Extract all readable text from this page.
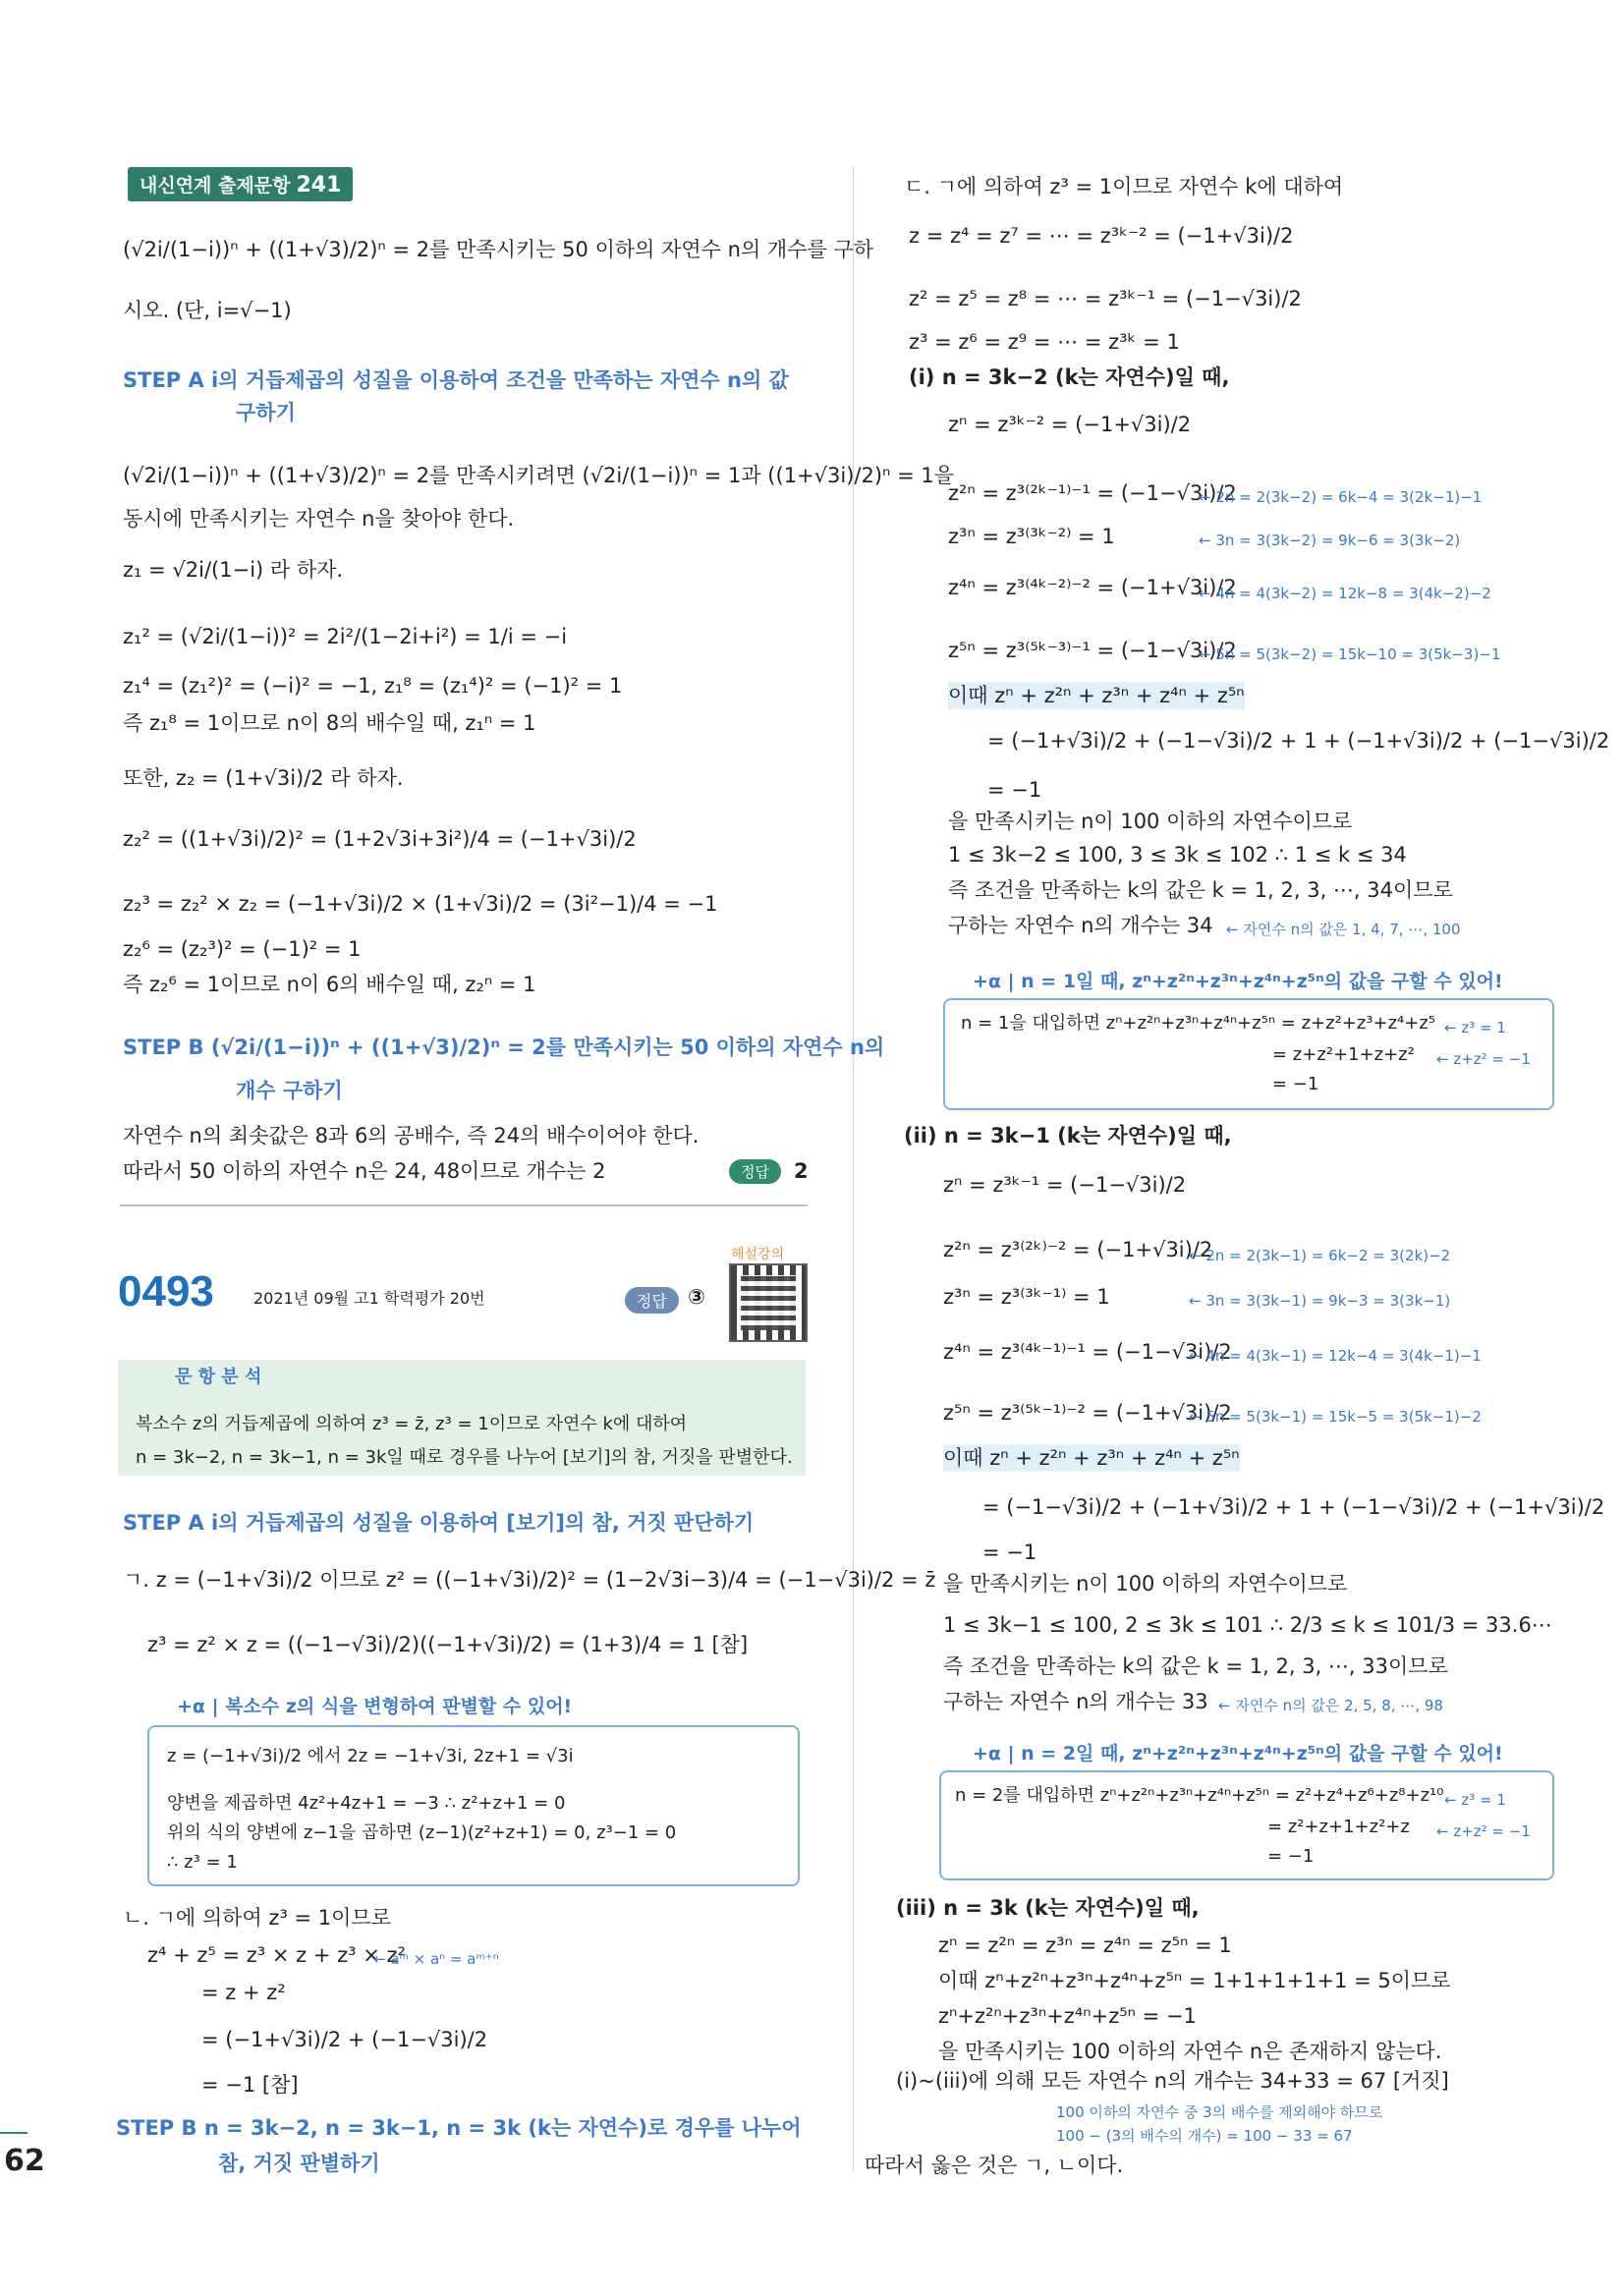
62
내신연계 출제문항 241
(√2i/(1−i))ⁿ + ((1+√3)/2)ⁿ = 2를 만족시키는 50 이하의 자연수 n의 개수를 구하
시오. (단, i=√−1)
STEP A i의 거듭제곱의 성질을 이용하여 조건을 만족하는 자연수 n의 값
구하기
(√2i/(1−i))ⁿ + ((1+√3)/2)ⁿ = 2를 만족시키려면 (√2i/(1−i))ⁿ = 1과 ((1+√3i)/2)ⁿ = 1을
동시에 만족시키는 자연수 n을 찾아야 한다.
z₁ = √2i/(1−i) 라 하자.
z₁² = (√2i/(1−i))² = 2i²/(1−2i+i²) = 1/i = −i
z₁⁴ = (z₁²)² = (−i)² = −1, z₁⁸ = (z₁⁴)² = (−1)² = 1
즉 z₁⁸ = 1이므로 n이 8의 배수일 때, z₁ⁿ = 1
또한, z₂ = (1+√3i)/2 라 하자.
z₂² = ((1+√3i)/2)² = (1+2√3i+3i²)/4 = (−1+√3i)/2
z₂³ = z₂² × z₂ = (−1+√3i)/2 × (1+√3i)/2 = (3i²−1)/4 = −1
z₂⁶ = (z₂³)² = (−1)² = 1
즉 z₂⁶ = 1이므로 n이 6의 배수일 때, z₂ⁿ = 1
STEP B (√2i/(1−i))ⁿ + ((1+√3)/2)ⁿ = 2를 만족시키는 50 이하의 자연수 n의
개수 구하기
자연수 n의 최솟값은 8과 6의 공배수, 즉 24의 배수이어야 한다.
따라서 50 이하의 자연수 n은 24, 48이므로 개수는 2	정답	2
0493	2021년 09월 고1 학력평가 20번	정답	③
해설강의
문 항 분 석
복소수 z의 거듭제곱에 의하여 z³ = z̄, z³ = 1이므로 자연수 k에 대하여
n = 3k−2, n = 3k−1, n = 3k일 때로 경우를 나누어 [보기]의 참, 거짓을 판별한다.
STEP A i의 거듭제곱의 성질을 이용하여 [보기]의 참, 거짓 판단하기
ㄱ. z = (−1+√3i)/2 이므로 z² = ((−1+√3i)/2)² = (1−2√3i−3)/4 = (−1−√3i)/2 = z̄
z³ = z² × z = ((−1−√3i)/2)((−1+√3i)/2) = (1+3)/4 = 1 [참]
+α | 복소수 z의 식을 변형하여 판별할 수 있어!
z = (−1+√3i)/2 에서 2z = −1+√3i, 2z+1 = √3i
양변을 제곱하면 4z²+4z+1 = −3 ∴ z²+z+1 = 0
위의 식의 양변에 z−1을 곱하면 (z−1)(z²+z+1) = 0, z³−1 = 0
∴ z³ = 1
ㄴ. ㄱ에 의하여 z³ = 1이므로
z⁴ + z⁵ = z³ × z + z³ × z²
← aᵐ × aⁿ = aᵐ⁺ⁿ
= z + z²
= (−1+√3i)/2 + (−1−√3i)/2
= −1 [참]
STEP B n = 3k−2, n = 3k−1, n = 3k (k는 자연수)로 경우를 나누어
참, 거짓 판별하기
ㄷ. ㄱ에 의하여 z³ = 1이므로 자연수 k에 대하여
z = z⁴ = z⁷ = ⋯ = z³ᵏ⁻² = (−1+√3i)/2
z² = z⁵ = z⁸ = ⋯ = z³ᵏ⁻¹ = (−1−√3i)/2
z³ = z⁶ = z⁹ = ⋯ = z³ᵏ = 1
(i) n = 3k−2 (k는 자연수)일 때,
zⁿ = z³ᵏ⁻² = (−1+√3i)/2
z²ⁿ = z³⁽²ᵏ⁻¹⁾⁻¹ = (−1−√3i)/2
← 2n = 2(3k−2) = 6k−4 = 3(2k−1)−1
z³ⁿ = z³⁽³ᵏ⁻²⁾ = 1	← 3n = 3(3k−2) = 9k−6 = 3(3k−2)
z⁴ⁿ = z³⁽⁴ᵏ⁻²⁾⁻² = (−1+√3i)/2
← 4n = 4(3k−2) = 12k−8 = 3(4k−2)−2
z⁵ⁿ = z³⁽⁵ᵏ⁻³⁾⁻¹ = (−1−√3i)/2
← 5n = 5(3k−2) = 15k−10 = 3(5k−3)−1
이때 zⁿ + z²ⁿ + z³ⁿ + z⁴ⁿ + z⁵ⁿ
= (−1+√3i)/2 + (−1−√3i)/2 + 1 + (−1+√3i)/2 + (−1−√3i)/2
= −1
을 만족시키는 n이 100 이하의 자연수이므로
1 ≤ 3k−2 ≤ 100, 3 ≤ 3k ≤ 102 ∴ 1 ≤ k ≤ 34
즉 조건을 만족하는 k의 값은 k = 1, 2, 3, ⋯, 34이므로
구하는 자연수 n의 개수는 34 ← 자연수 n의 값은 1, 4, 7, ⋯, 100
+α | n = 1일 때, zⁿ+z²ⁿ+z³ⁿ+z⁴ⁿ+z⁵ⁿ의 값을 구할 수 있어!
n = 1을 대입하면 zⁿ+z²ⁿ+z³ⁿ+z⁴ⁿ+z⁵ⁿ = z+z²+z³+z⁴+z⁵ ← z³ = 1
= z+z²+1+z+z² ← z+z² = −1
= −1
(ii) n = 3k−1 (k는 자연수)일 때,
zⁿ = z³ᵏ⁻¹ = (−1−√3i)/2
z²ⁿ = z³⁽²ᵏ⁾⁻² = (−1+√3i)/2
← 2n = 2(3k−1) = 6k−2 = 3(2k)−2
z³ⁿ = z³⁽³ᵏ⁻¹⁾ = 1	← 3n = 3(3k−1) = 9k−3 = 3(3k−1)
z⁴ⁿ = z³⁽⁴ᵏ⁻¹⁾⁻¹ = (−1−√3i)/2
← 4n = 4(3k−1) = 12k−4 = 3(4k−1)−1
z⁵ⁿ = z³⁽⁵ᵏ⁻¹⁾⁻² = (−1+√3i)/2
← 5n = 5(3k−1) = 15k−5 = 3(5k−1)−2
이때 zⁿ + z²ⁿ + z³ⁿ + z⁴ⁿ + z⁵ⁿ
= (−1−√3i)/2 + (−1+√3i)/2 + 1 + (−1−√3i)/2 + (−1+√3i)/2
= −1
을 만족시키는 n이 100 이하의 자연수이므로
1 ≤ 3k−1 ≤ 100, 2 ≤ 3k ≤ 101 ∴ 2/3 ≤ k ≤ 101/3 = 33.6⋯
즉 조건을 만족하는 k의 값은 k = 1, 2, 3, ⋯, 33이므로
구하는 자연수 n의 개수는 33 ← 자연수 n의 값은 2, 5, 8, ⋯, 98
+α | n = 2일 때, zⁿ+z²ⁿ+z³ⁿ+z⁴ⁿ+z⁵ⁿ의 값을 구할 수 있어!
n = 2를 대입하면 zⁿ+z²ⁿ+z³ⁿ+z⁴ⁿ+z⁵ⁿ = z²+z⁴+z⁶+z⁸+z¹⁰ ← z³ = 1
= z²+z+1+z²+z ← z+z² = −1
= −1
(iii) n = 3k (k는 자연수)일 때,
zⁿ = z²ⁿ = z³ⁿ = z⁴ⁿ = z⁵ⁿ = 1
이때 zⁿ+z²ⁿ+z³ⁿ+z⁴ⁿ+z⁵ⁿ = 1+1+1+1+1 = 5이므로
zⁿ+z²ⁿ+z³ⁿ+z⁴ⁿ+z⁵ⁿ = −1
을 만족시키는 100 이하의 자연수 n은 존재하지 않는다.
(i)~(iii)에 의해 모든 자연수 n의 개수는 34+33 = 67 [거짓]
100 이하의 자연수 중 3의 배수를 제외해야 하므로
100 − (3의 배수의 개수) = 100 − 33 = 67
따라서 옳은 것은 ㄱ, ㄴ이다.
